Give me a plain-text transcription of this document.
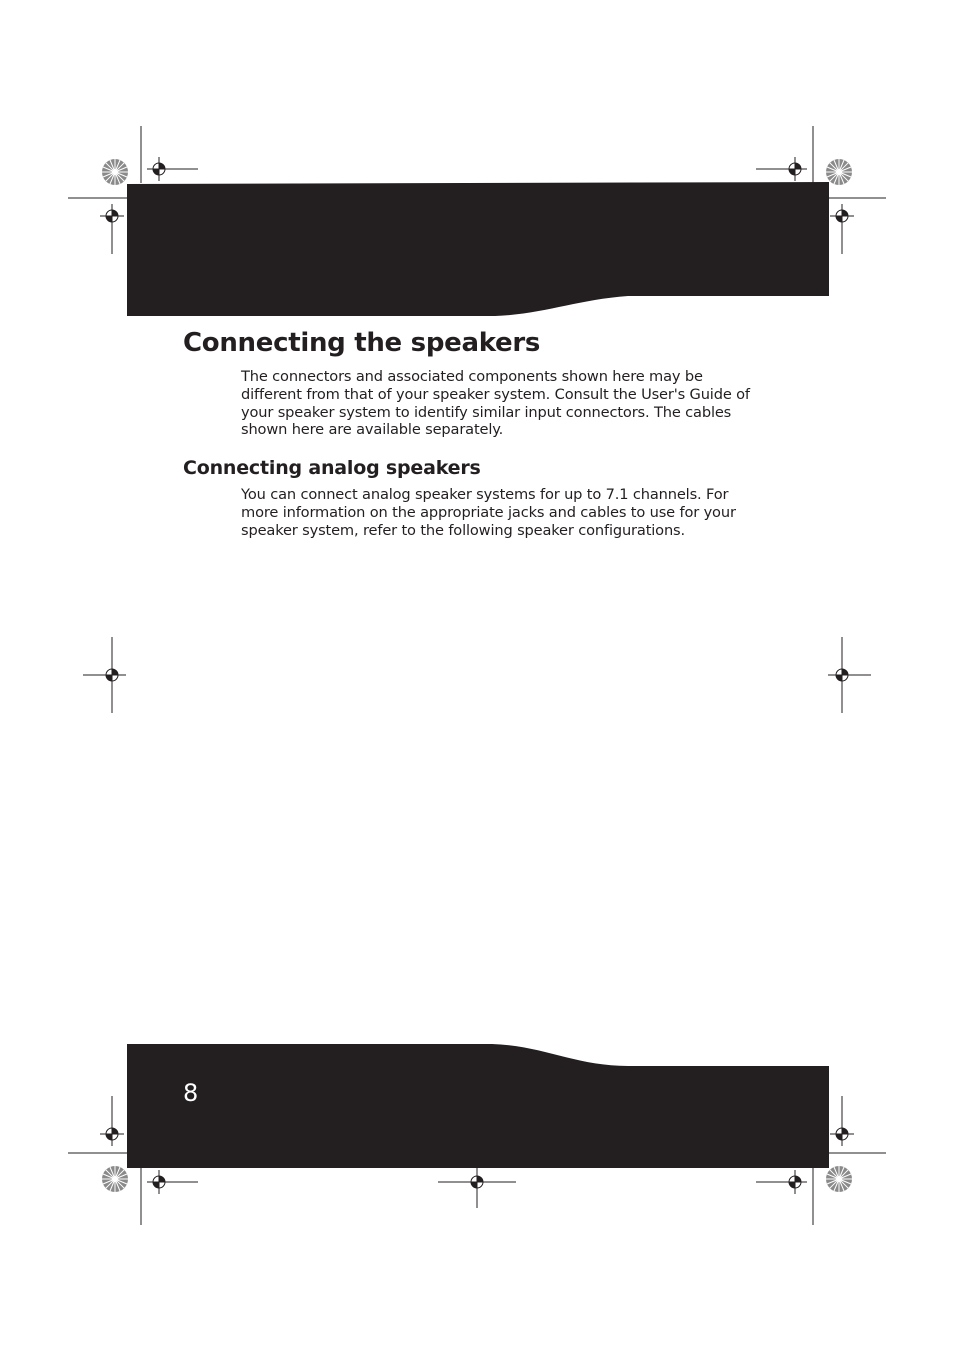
Connecting the speakers

The connectors and associated components shown here may be different from that of your speaker system. Consult the User's Guide of your speaker system to identify similar input connectors. The cables shown here are available separately.

Connecting analog speakers

You can connect analog speaker systems for up to 7.1 channels. For more information on the appropriate jacks and cables to use for your speaker system, refer to the following speaker configurations.

8
